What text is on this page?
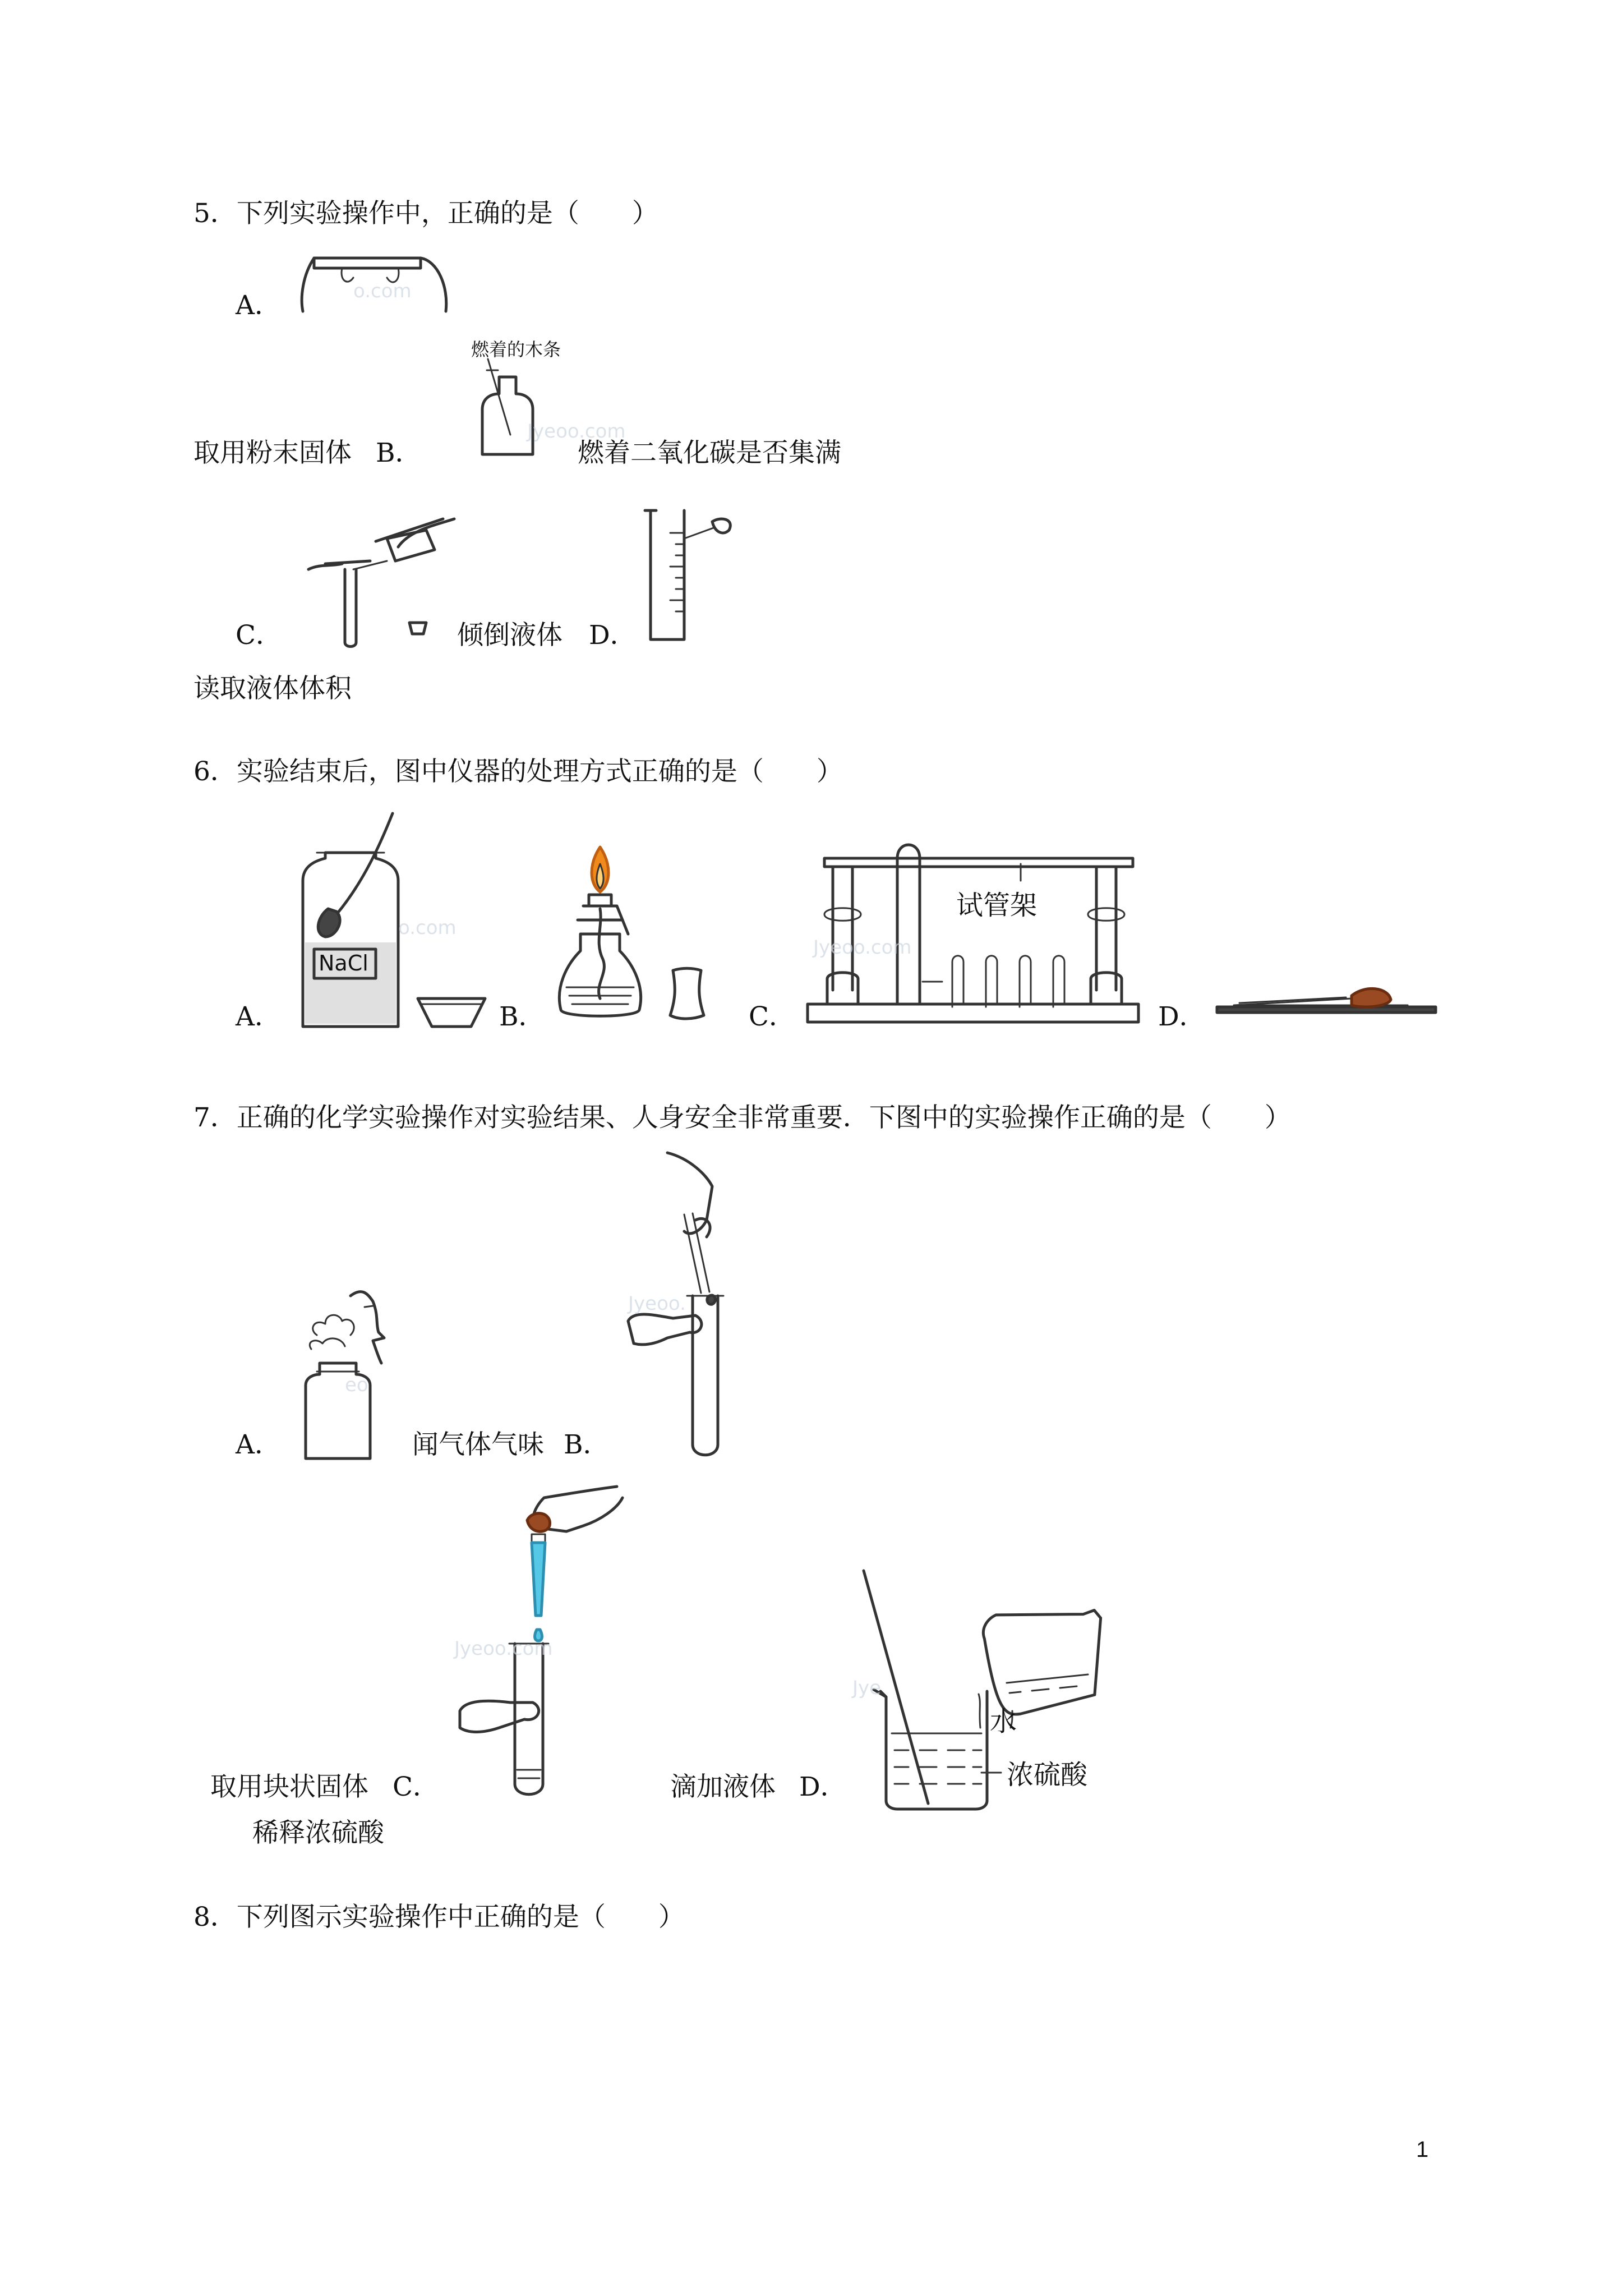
5．下列实验操作中，正确的是（　　）
A．	o.com
取用粉末固体 B．
燃着的木条
Jyeoo.com
燃着二氧化碳是否集满
C．	倾倒液体 D．
读取液体体积
6．实验结束后，图中仪器的处理方式正确的是（　　）
A．
NaCl
o.com
B．	C．
试管架
Jyeoo.com
D．
7．正确的化学实验操作对实验结果、人身安全非常重要．下图中的实验操作正确的是（　　）
A．
eo
闻气体气味 B．
Jyeoo.
取用块状固体 C．
Jyeoo.com
滴加液体 D．
水
浓硫酸
Jye
稀释浓硫酸
8．下列图示实验操作中正确的是（　　）
1
